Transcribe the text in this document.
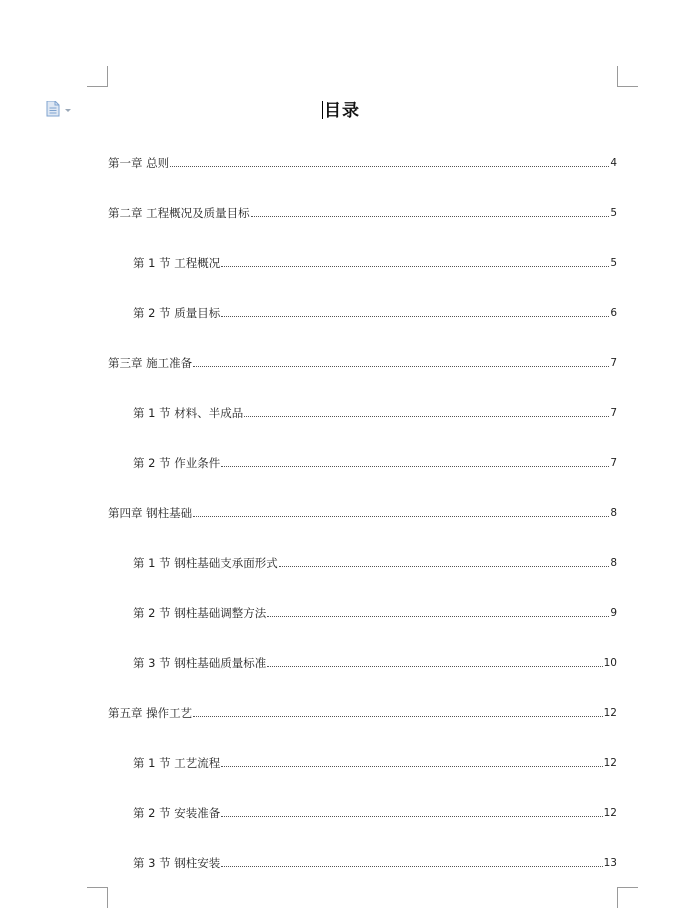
目录
第一章 总则	4
第二章 工程概况及质量目标	5
第 1 节 工程概况	5
第 2 节 质量目标	6
第三章 施工准备	7
第 1 节 材料、半成品	7
第 2 节 作业条件	7
第四章 钢柱基础	8
第 1 节 钢柱基础支承面形式	8
第 2 节 钢柱基础调整方法	9
第 3 节 钢柱基础质量标准	10
第五章 操作工艺	12
第 1 节 工艺流程	12
第 2 节 安装准备	12
第 3 节 钢柱安装	13
